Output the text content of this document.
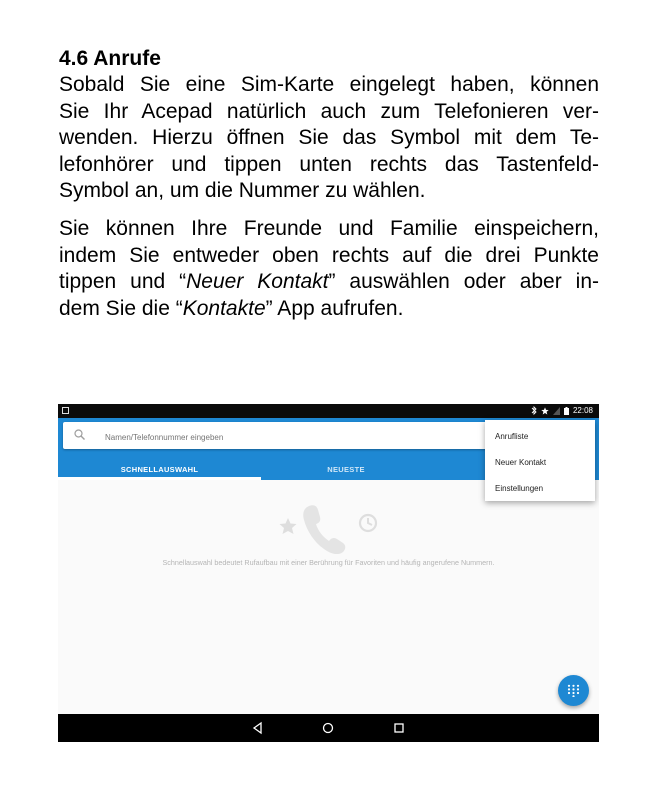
4.6 Anrufe
Sobald Sie eine Sim-Karte eingelegt haben, können
Sie Ihr Acepad natürlich auch zum Telefonieren ver-
wenden. Hierzu öffnen Sie das Symbol mit dem Te-
lefonhörer und tippen unten rechts das Tastenfeld-
Symbol an, um die Nummer zu wählen.
Sie können Ihre Freunde und Familie einspeichern,
indem Sie entweder oben rechts auf die drei Punkte
tippen und “Neuer Kontakt” auswählen oder aber in-
dem Sie die “Kontakte” App aufrufen.
22:08
Namen/Telefonnummer eingeben
SCHNELLAUSWAHL	NEUESTE
Anrufliste
Neuer Kontakt
Einstellungen
Schnellauswahl bedeutet Rufaufbau mit einer Berührung für Favoriten und häufig angerufene Nummern.
